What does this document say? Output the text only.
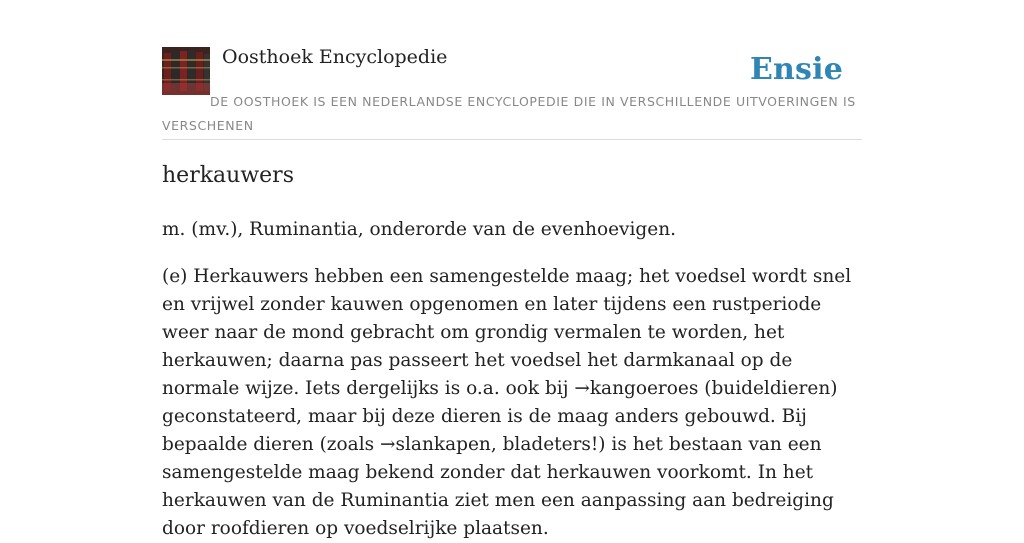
Oosthoek Encyclopedie	Ensie
DE OOSTHOEK IS EEN NEDERLANDSE ENCYCLOPEDIE DIE IN VERSCHILLENDE UITVOERINGEN IS VERSCHENEN
herkauwers

m. (mv.), Ruminantia, onderorde van de evenhoevigen.

(e) Herkauwers hebben een samengestelde maag; het voedsel wordt snel en vrijwel zonder kauwen opgenomen en later tijdens een rustperiode weer naar de mond gebracht om grondig vermalen te worden, het herkauwen; daarna pas passeert het voedsel het darmkanaal op de normale wijze. Iets dergelijks is o.a. ook bij →kangoeroes (buideldieren) geconstateerd, maar bij deze dieren is de maag anders gebouwd. Bij bepaalde dieren (zoals →slankapen, bladeters!) is het bestaan van een samengestelde maag bekend zonder dat herkauwen voorkomt. In het herkauwen van de Ruminantia ziet men een aanpassing aan bedreiging door roofdieren op voedselrijke plaatsen.
